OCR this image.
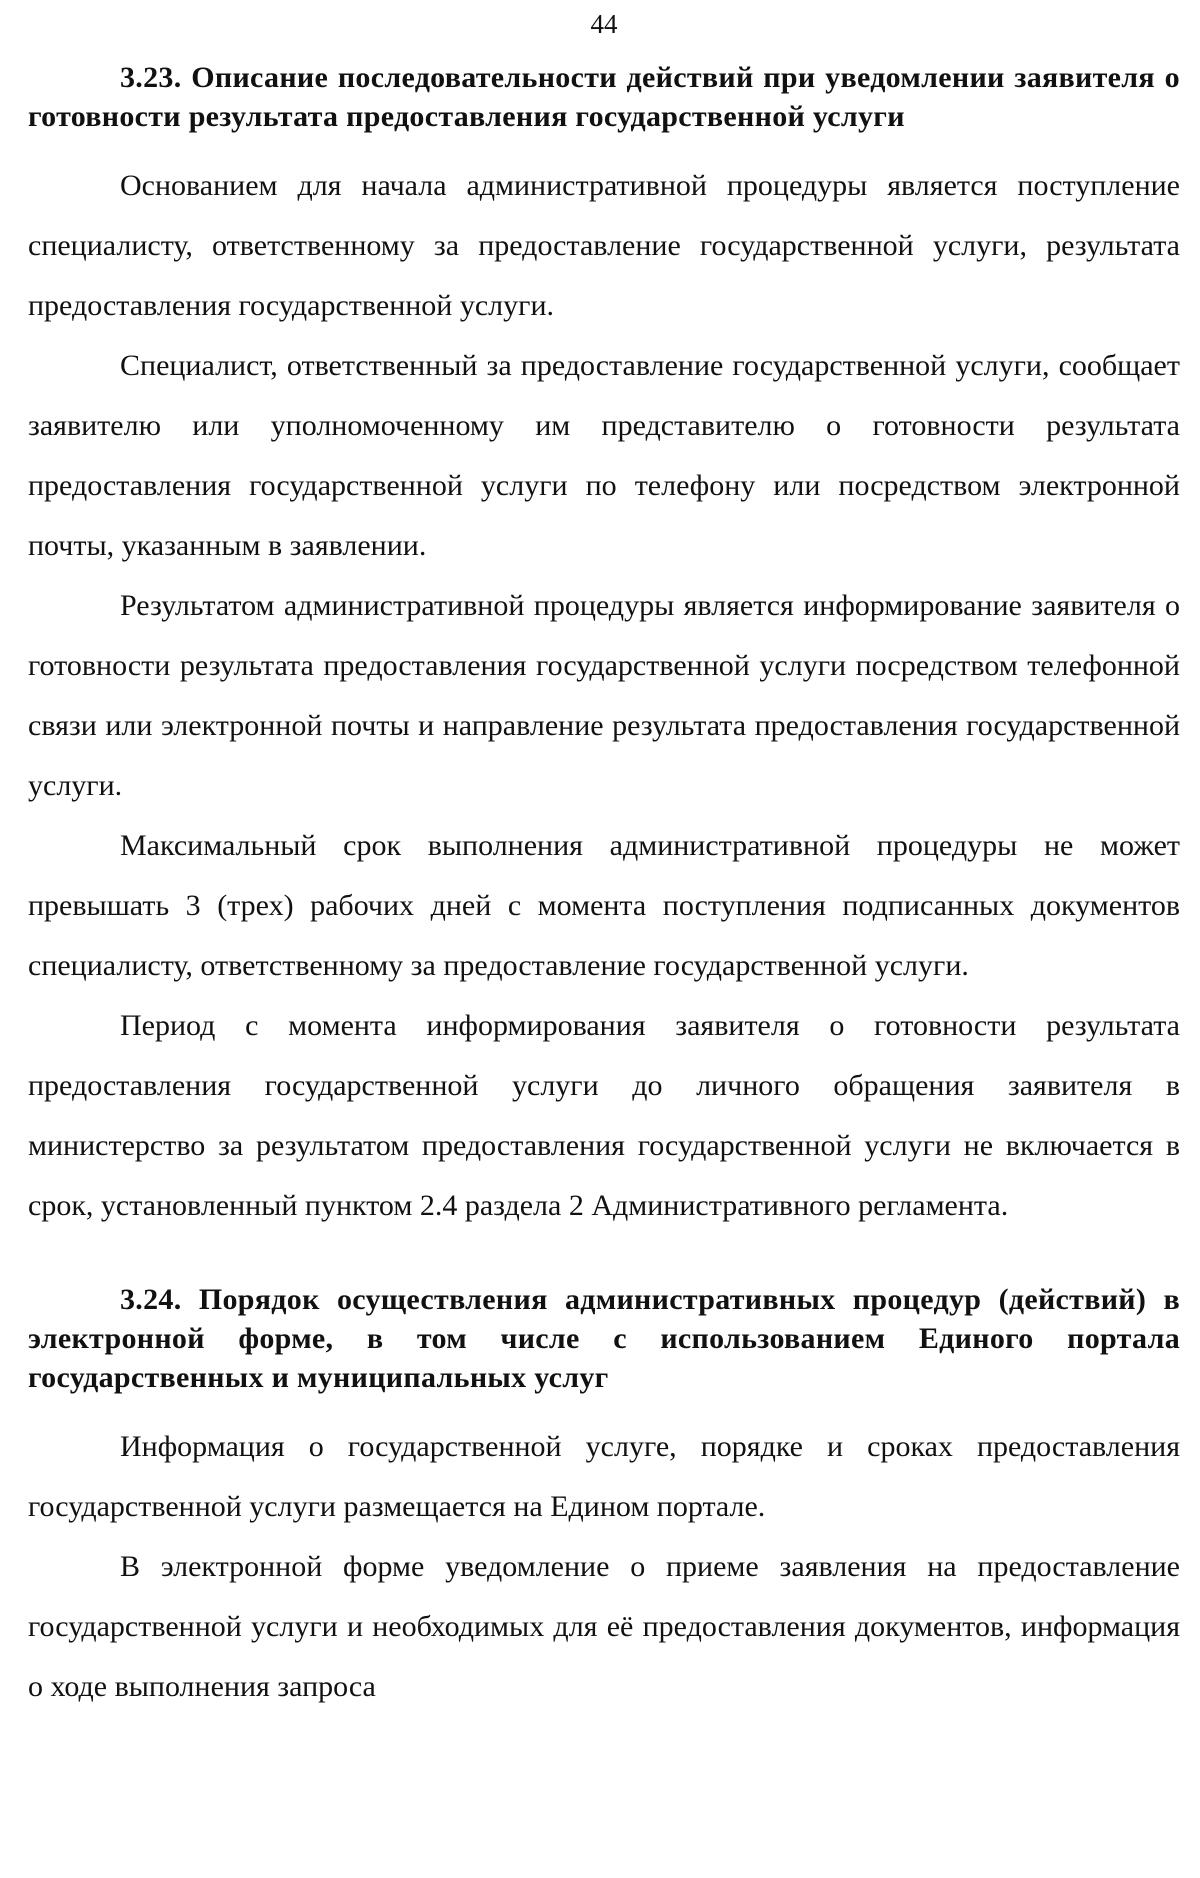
44
3.23. Описание последовательности действий при уведомлении заявителя о готовности результата предоставления государственной услуги

Основанием для начала административной процедуры является поступление специалисту, ответственному за предоставление государственной услуги, результата предоставления государственной услуги.

Специалист, ответственный за предоставление государственной услуги, сообщает заявителю или уполномоченному им представителю о готовности результата предоставления государственной услуги по телефону или посредством электронной почты, указанным в заявлении.

Результатом административной процедуры является информирование заявителя о готовности результата предоставления государственной услуги посредством телефонной связи или электронной почты и направление результата предоставления государственной услуги.

Максимальный срок выполнения административной процедуры не может превышать 3 (трех) рабочих дней с момента поступления подписанных документов специалисту, ответственному за предоставление государственной услуги.

Период с момента информирования заявителя о готовности результата предоставления государственной услуги до личного обращения заявителя в министерство за результатом предоставления государственной услуги не включается в срок, установленный пунктом 2.4 раздела 2 Административного регламента.

3.24. Порядок осуществления административных процедур (действий) в электронной форме, в том числе с использованием Единого портала государственных и муниципальных услуг

Информация о государственной услуге, порядке и сроках предоставления государственной услуги размещается на Едином портале.

В электронной форме уведомление о приеме заявления на предоставление государственной услуги и необходимых для её предоставления документов, информация о ходе выполнения запроса
